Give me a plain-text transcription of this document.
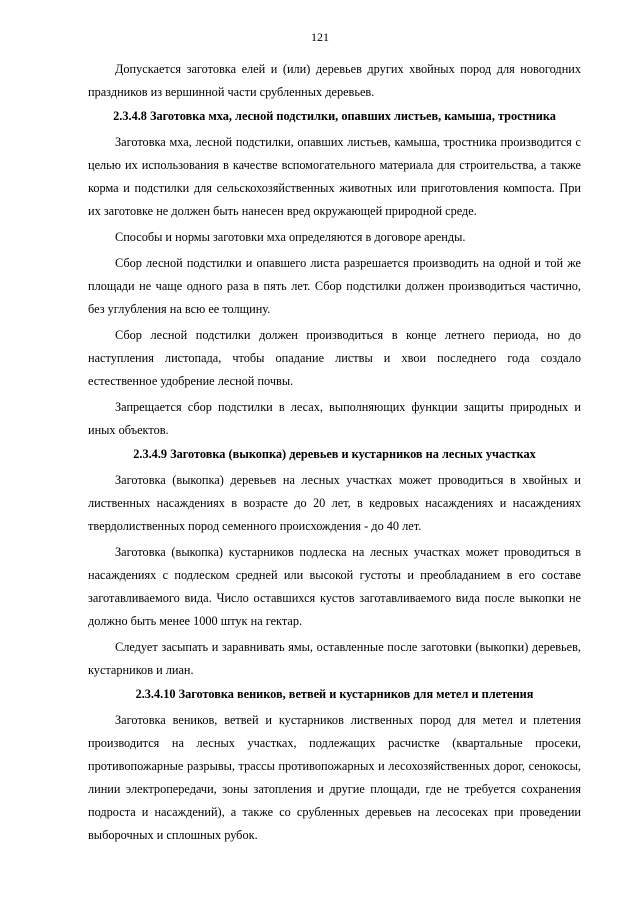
121

Допускается заготовка елей и (или) деревьев других хвойных пород для новогодних праздников из вершинной части срубленных деревьев.

2.3.4.8 Заготовка мха, лесной подстилки, опавших листьев, камыша, тростника

Заготовка мха, лесной подстилки, опавших листьев, камыша, тростника производится с целью их использования в качестве вспомогательного материала для строительства, а также корма и подстилки для сельскохозяйственных животных или приготовления компоста. При их заготовке не должен быть нанесен вред окружающей природной среде.

Способы и нормы заготовки мха определяются в договоре аренды.

Сбор лесной подстилки и опавшего листа разрешается производить на одной и той же площади не чаще одного раза в пять лет. Сбор подстилки должен производиться частично, без углубления на всю ее толщину.

Сбор лесной подстилки должен производиться в конце летнего периода, но до наступления листопада, чтобы опадание листвы и хвои последнего года создало естественное удобрение лесной почвы.

Запрещается сбор подстилки в лесах, выполняющих функции защиты природных и иных объектов.

2.3.4.9 Заготовка (выкопка) деревьев и кустарников на лесных участках

Заготовка (выкопка) деревьев на лесных участках может проводиться в хвойных и лиственных насаждениях в возрасте до 20 лет, в кедровых насаждениях и насаждениях твердолиственных пород семенного происхождения - до 40 лет.

Заготовка (выкопка) кустарников подлеска на лесных участках может проводиться в насаждениях с подлеском средней или высокой густоты и преобладанием в его составе заготавливаемого вида. Число оставшихся кустов заготавливаемого вида после выкопки не должно быть менее 1000 штук на гектар.

Следует засыпать и заравнивать ямы, оставленные после заготовки (выкопки) деревьев, кустарников и лиан.

2.3.4.10 Заготовка веников, ветвей и кустарников для метел и плетения

Заготовка веников, ветвей и кустарников лиственных пород для метел и плетения производится на лесных участках, подлежащих расчистке (квартальные просеки, противопожарные разрывы, трассы противопожарных и лесохозяйственных дорог, сенокосы, линии электропередачи, зоны затопления и другие площади, где не требуется сохранения подроста и насаждений), а также со срубленных деревьев на лесосеках при проведении выборочных и сплошных рубок.
